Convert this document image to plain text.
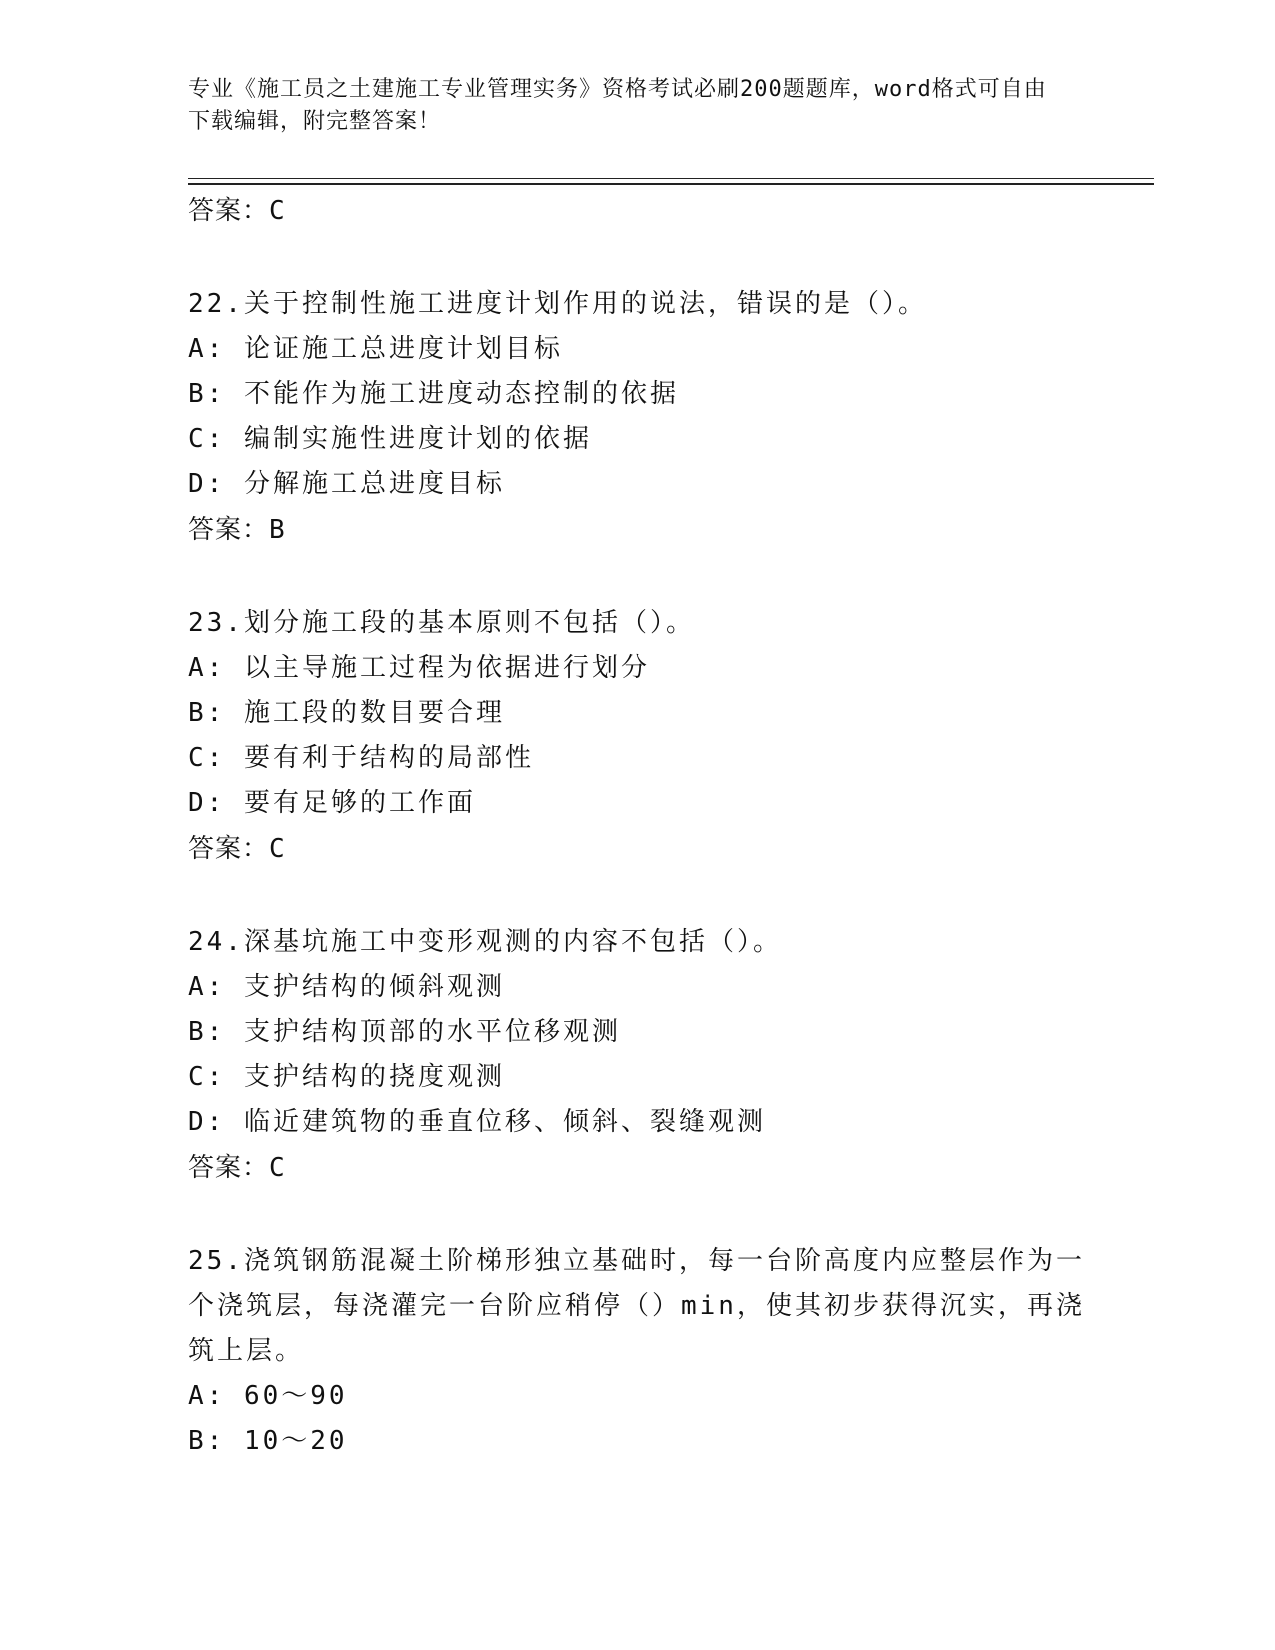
专业《施工员之土建施工专业管理实务》资格考试必刷200题题库，word格式可自由下载编辑，附完整答案！
答案：C
22.关于控制性施工进度计划作用的说法，错误的是（）。
A: 论证施工总进度计划目标
B: 不能作为施工进度动态控制的依据
C: 编制实施性进度计划的依据
D: 分解施工总进度目标
答案：B
23.划分施工段的基本原则不包括（）。
A: 以主导施工过程为依据进行划分
B: 施工段的数目要合理
C: 要有利于结构的局部性
D: 要有足够的工作面
答案：C
24.深基坑施工中变形观测的内容不包括（）。
A: 支护结构的倾斜观测
B: 支护结构顶部的水平位移观测
C: 支护结构的挠度观测
D: 临近建筑物的垂直位移、倾斜、裂缝观测
答案：C
25.浇筑钢筋混凝土阶梯形独立基础时，每一台阶高度内应整层作为一个浇筑层，每浇灌完一台阶应稍停（）min，使其初步获得沉实，再浇筑上层。
A: 60～90
B: 10～20
